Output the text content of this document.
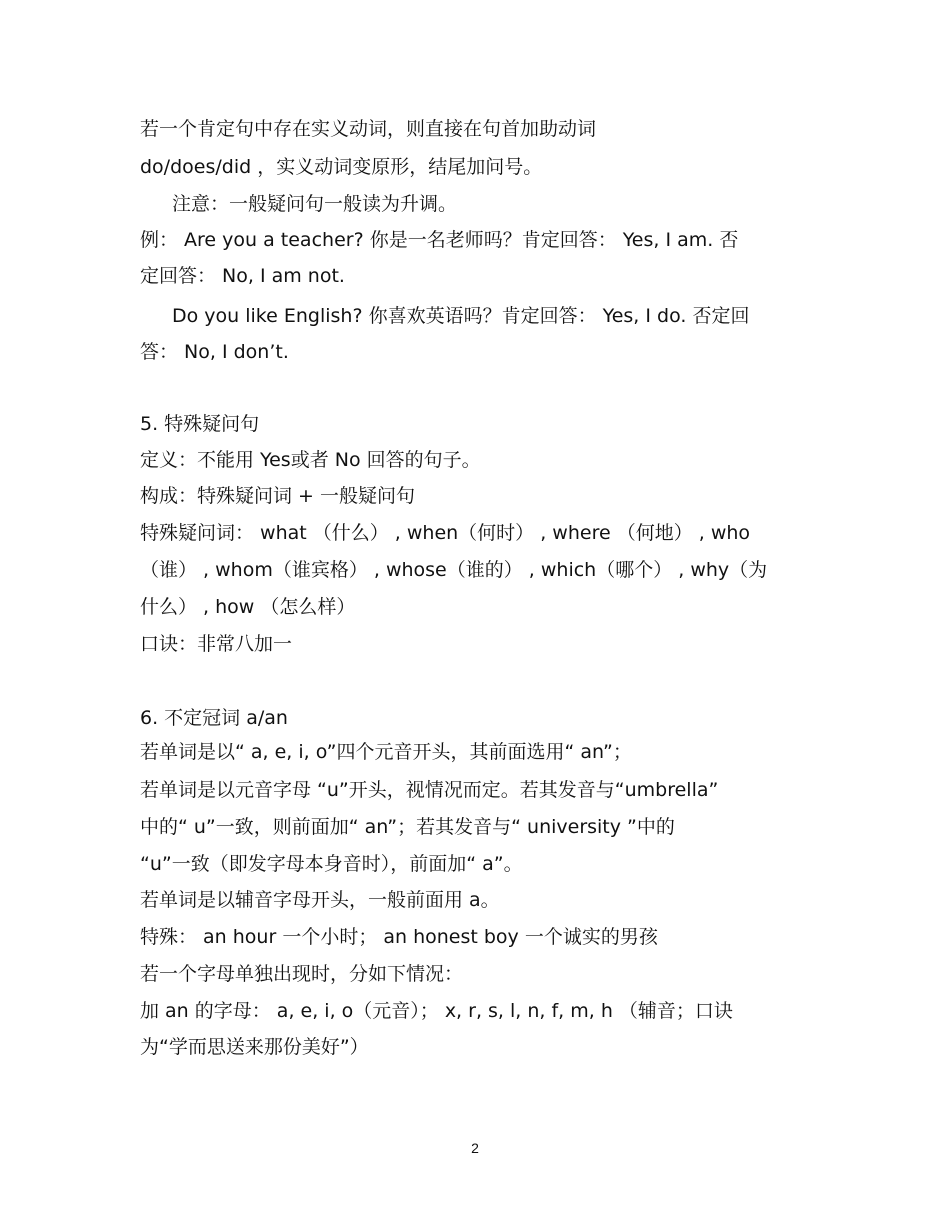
若一个肯定句中存在实义动词，则直接在句首加助动词
do/does/did ，实义动词变原形，结尾加问号。
注意：一般疑问句一般读为升调。
例： Are you a teacher? 你是一名老师吗？肯定回答： Yes, I am. 否
定回答： No, I am not.
Do you like English? 你喜欢英语吗？肯定回答： Yes, I do. 否定回
答： No, I don’t.
5. 特殊疑问句
定义：不能用 Yes或者 No 回答的句子。
构成：特殊疑问词 + 一般疑问句
特殊疑问词： what （什么） , when（何时） , where （何地） , who
（谁） , whom（谁宾格） , whose（谁的） , which（哪个） , why（为
什么） , how （怎么样）
口诀：非常八加一
6. 不定冠词 a/an
若单词是以“ a, e, i, o”四个元音开头，其前面选用“ an”；
若单词是以元音字母 “u”开头，视情况而定。若其发音与“umbrella”
中的“ u”一致，则前面加“ an”；若其发音与“ university ”中的
“u”一致（即发字母本身音时），前面加“ a”。
若单词是以辅音字母开头，一般前面用 a。
特殊： an hour 一个小时； an honest boy 一个诚实的男孩
若一个字母单独出现时，分如下情况：
加 an 的字母： a, e, i, o（元音）； x, r, s, l, n, f, m, h （辅音；口诀
为“学而思送来那份美好”）
2
